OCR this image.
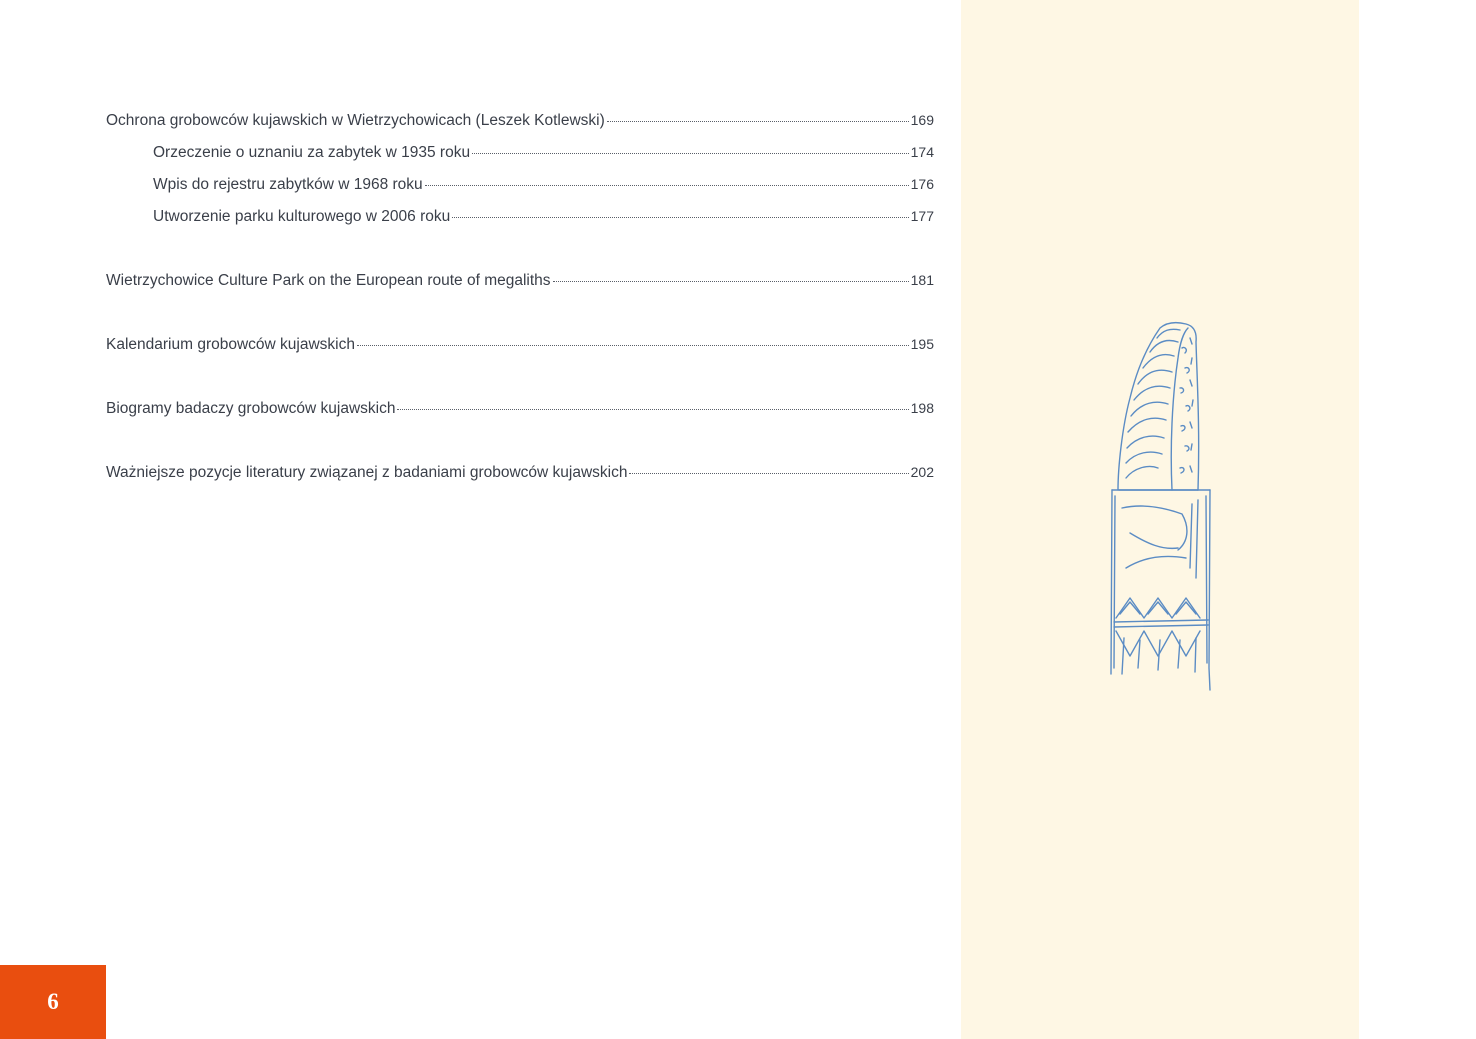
Ochrona grobowców kujawskich w Wietrzychowicach (Leszek Kotlewski)	169
Orzeczenie o uznaniu za zabytek w 1935 roku	174
Wpis do rejestru zabytków w 1968 roku	176
Utworzenie parku kulturowego w 2006 roku	177
Wietrzychowice Culture Park on the European route of megaliths	181
Kalendarium grobowców kujawskich	195
Biogramy badaczy grobowców kujawskich	198
Ważniejsze pozycje literatury związanej z badaniami grobowców kujawskich	202
6
